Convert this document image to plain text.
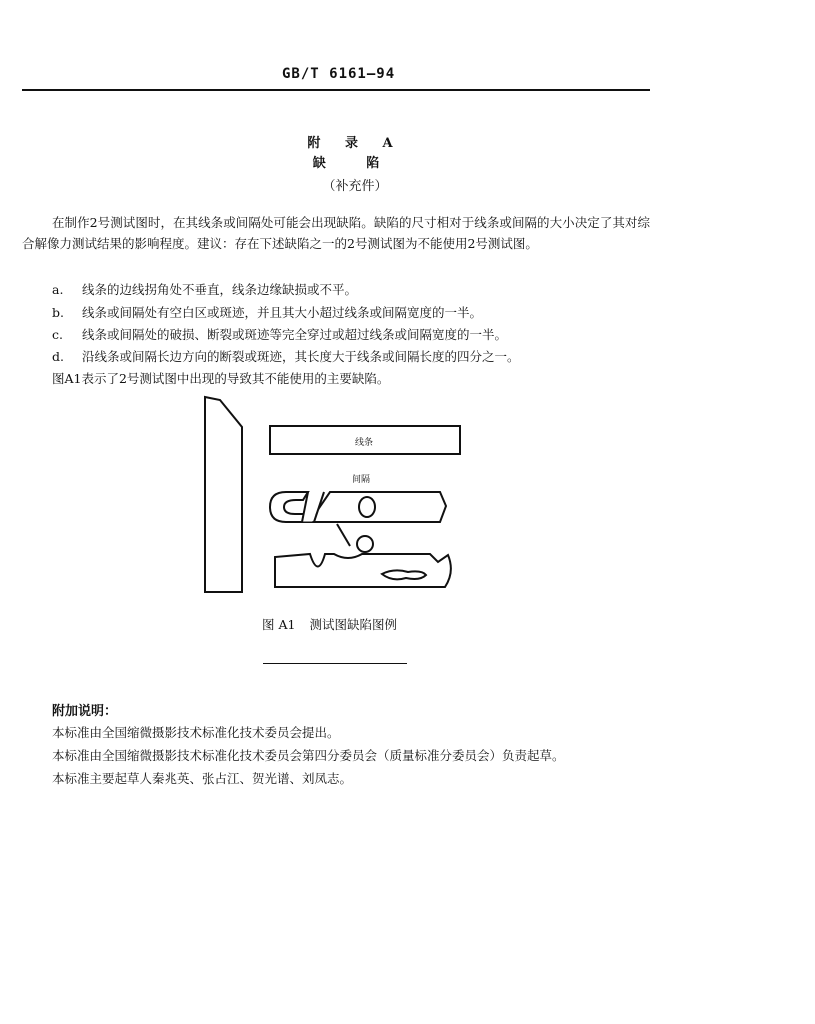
GB/T 6161—94
附 录 A
缺 陷
（补充件）
在制作2号测试图时，在其线条或间隔处可能会出现缺陷。缺陷的尺寸相对于线条或间隔的大小决定了其对综合解像力测试结果的影响程度。建议：存在下述缺陷之一的2号测试图为不能使用2号测试图。
a. 线条的边线拐角处不垂直，线条边缘缺损或不平。
b. 线条或间隔处有空白区或斑迹，并且其大小超过线条或间隔宽度的一半。
c. 线条或间隔处的破损、断裂或斑迹等完全穿过或超过线条或间隔宽度的一半。
d. 沿线条或间隔长边方向的断裂或斑迹，其长度大于线条或间隔长度的四分之一。
图A1表示了2号测试图中出现的导致其不能使用的主要缺陷。
线条
间隔
图 A1 测试图缺陷图例
附加说明：
本标准由全国缩微摄影技术标准化技术委员会提出。
本标准由全国缩微摄影技术标准化技术委员会第四分委员会（质量标准分委员会）负责起草。
本标准主要起草人秦兆英、张占江、贺光谱、刘凤志。
